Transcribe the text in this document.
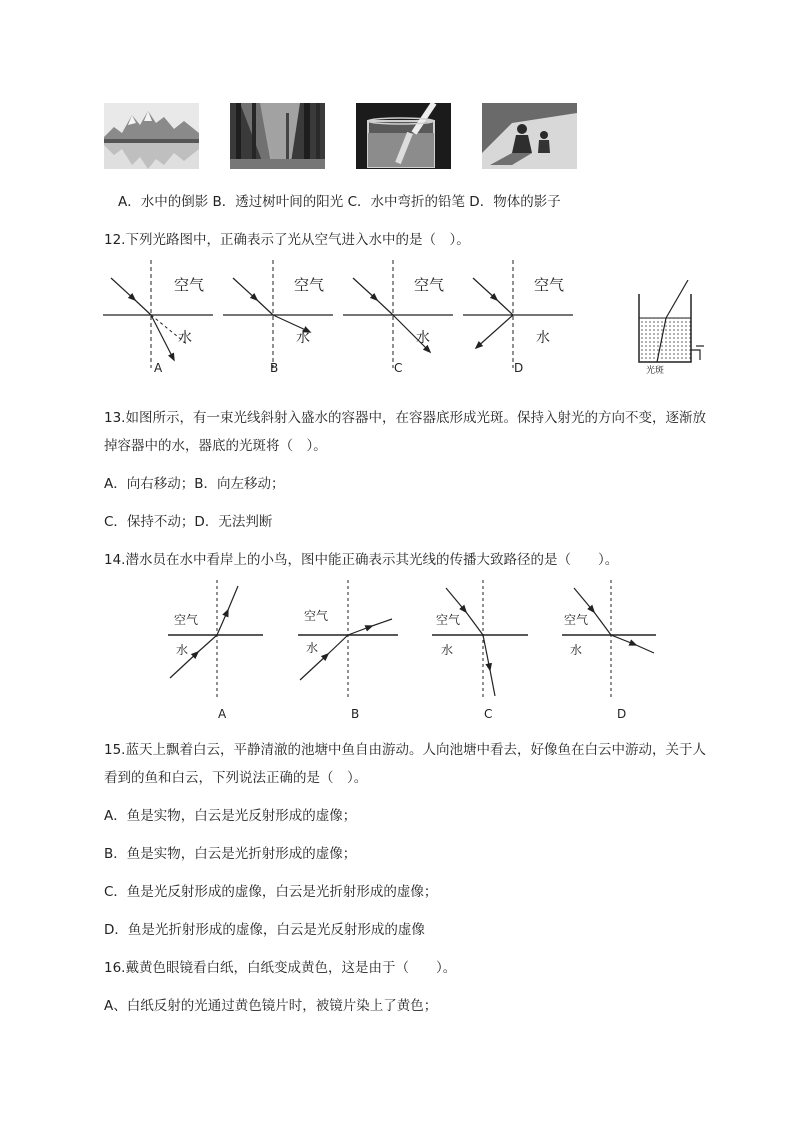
A．水中的倒影 B．透过树叶间的阳光 C．水中弯折的铅笔 D．物体的影子
12.下列光路图中，正确表示了光从空气进入水中的是（　）。
空气
水
A
空气
水
B
空气
水
C
空气
水
D	光斑
13.如图所示，有一束光线斜射入盛水的容器中，在容器底形成光斑。保持入射光的方向不变，逐渐放
掉容器中的水，器底的光斑将（　）。
A．向右移动；B．向左移动；
C．保持不动；D．无法判断
14.潜水员在水中看岸上的小鸟，图中能正确表示其光线的传播大致路径的是（　　）。
空气
水
A
空气
水
B
空气
水
C
空气
水
D
15.蓝天上飘着白云，平静清澈的池塘中鱼自由游动。人向池塘中看去，好像鱼在白云中游动，关于人
看到的鱼和白云，下列说法正确的是（　）。
A．鱼是实物，白云是光反射形成的虚像；
B．鱼是实物，白云是光折射形成的虚像；
C．鱼是光反射形成的虚像，白云是光折射形成的虚像；
D．鱼是光折射形成的虚像，白云是光反射形成的虚像
16.戴黄色眼镜看白纸，白纸变成黄色，这是由于（　　）。
A、白纸反射的光通过黄色镜片时，被镜片染上了黄色；
